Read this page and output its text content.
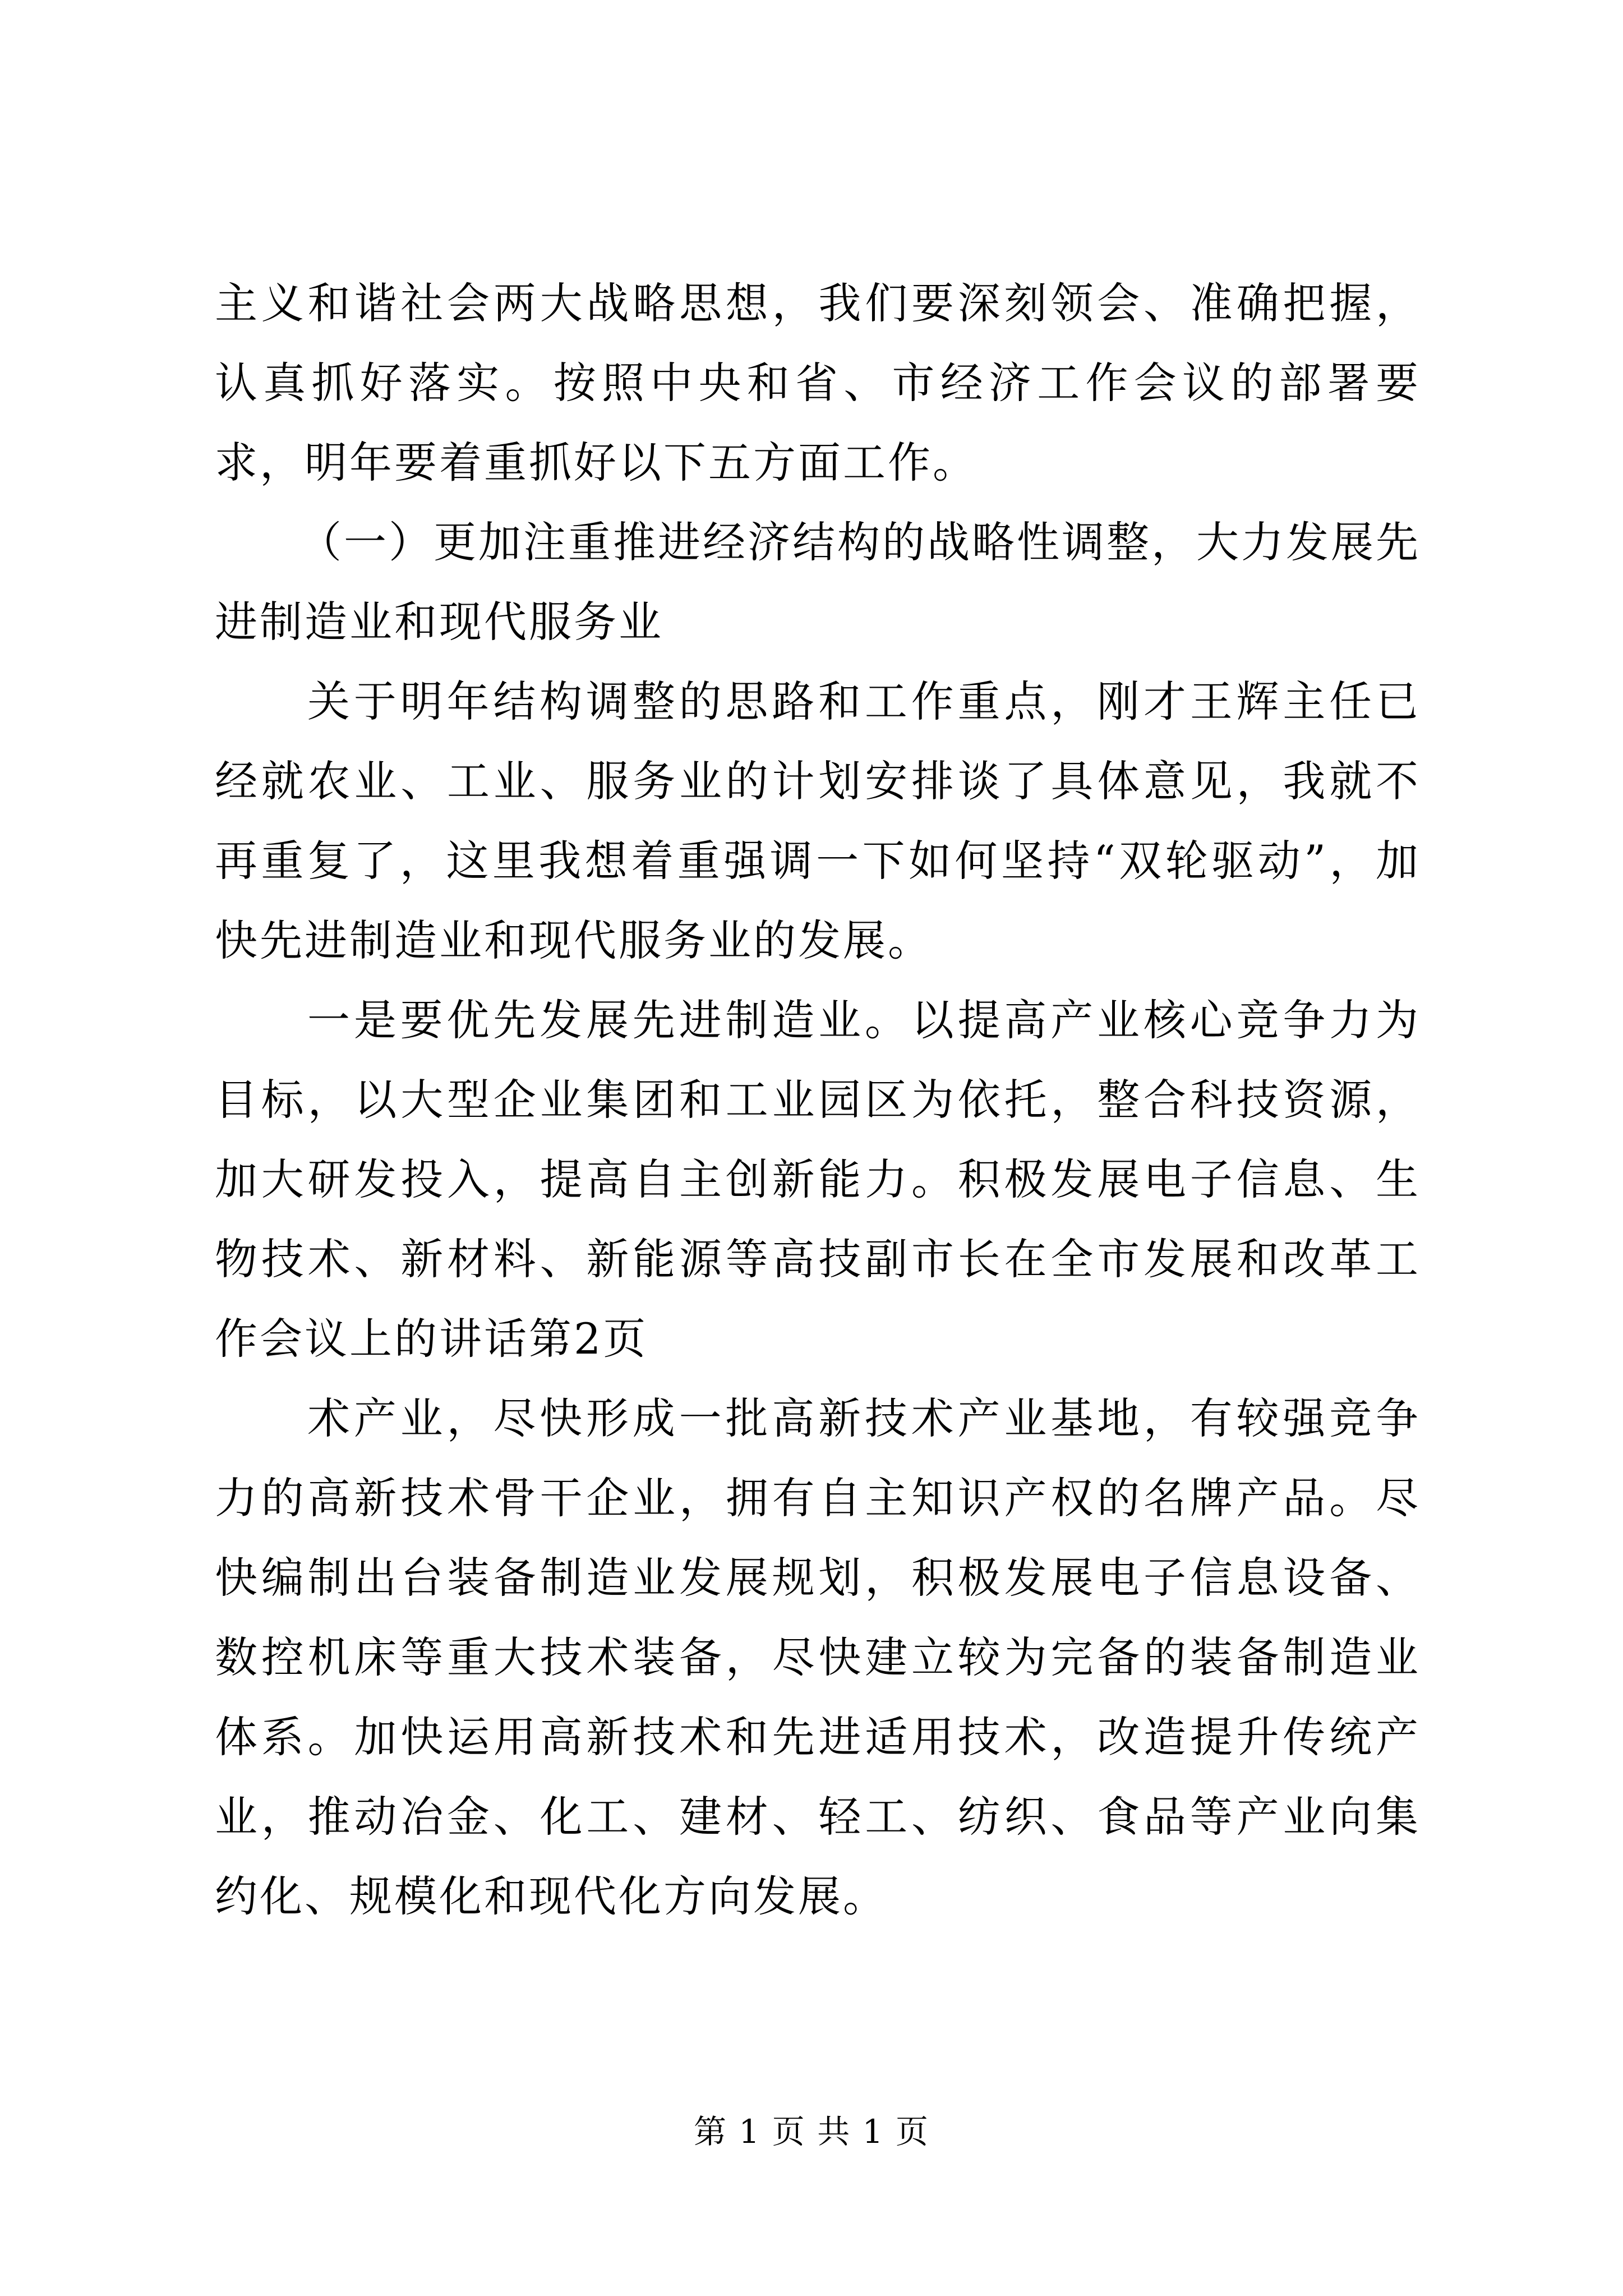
主义和谐社会两大战略思想，我们要深刻领会、准确把握，认真抓好落实。按照中央和省、市经济工作会议的部署要求，明年要着重抓好以下五方面工作。

（一）更加注重推进经济结构的战略性调整，大力发展先进制造业和现代服务业

关于明年结构调整的思路和工作重点，刚才王辉主任已经就农业、工业、服务业的计划安排谈了具体意见，我就不再重复了，这里我想着重强调一下如何坚持“双轮驱动”，加快先进制造业和现代服务业的发展。

一是要优先发展先进制造业。以提高产业核心竞争力为目标，以大型企业集团和工业园区为依托，整合科技资源，加大研发投入，提高自主创新能力。积极发展电子信息、生物技术、新材料、新能源等高技副市长在全市发展和改革工作会议上的讲话第2页

术产业，尽快形成一批高新技术产业基地，有较强竞争力的高新技术骨干企业，拥有自主知识产权的名牌产品。尽快编制出台装备制造业发展规划，积极发展电子信息设备、数控机床等重大技术装备，尽快建立较为完备的装备制造业体系。加快运用高新技术和先进适用技术，改造提升传统产业，推动冶金、化工、建材、轻工、纺织、食品等产业向集约化、规模化和现代化方向发展。

第 1 页 共 1 页
